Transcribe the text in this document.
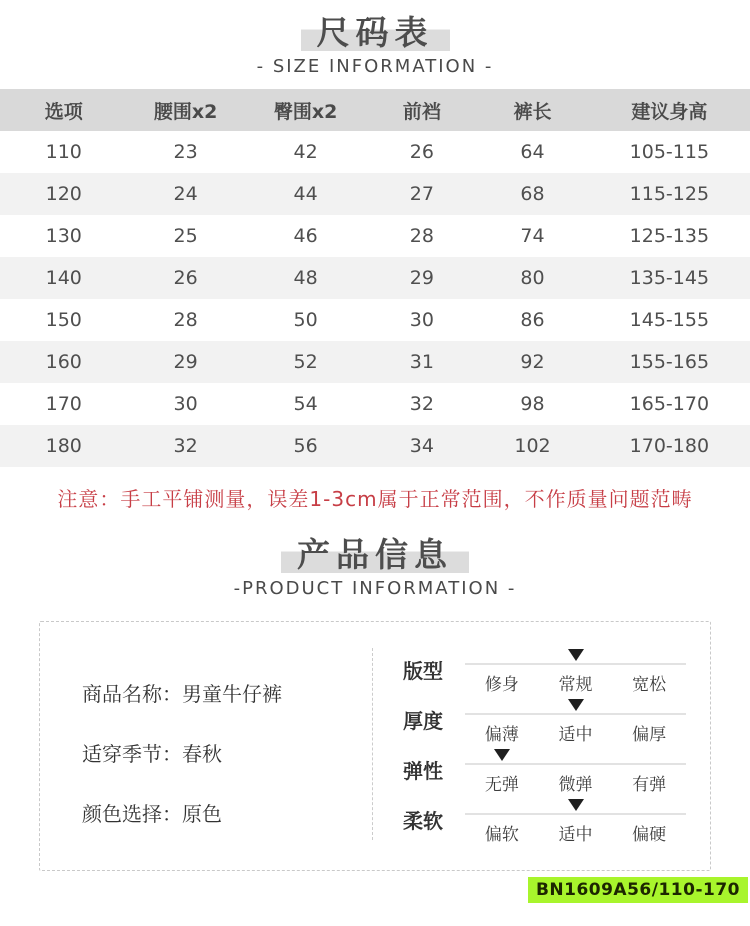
尺码表
- SIZE INFORMATION -
选项	腰围x2	臀围x2	前裆	裤长	建议身高
110	23	42	26	64	105-115
120	24	44	27	68	115-125
130	25	46	28	74	125-135
140	26	48	29	80	135-145
150	28	50	30	86	145-155
160	29	52	31	92	155-165
170	30	54	32	98	165-170
180	32	56	34	102	170-180

注意：手工平铺测量，误差1-3cm属于正常范围，不作质量问题范畴

产品信息
-PRODUCT INFORMATION -
商品名称：男童牛仔裤
适穿季节：春秋
颜色选择：原色
版型
修身	常规	宽松
厚度
偏薄	适中	偏厚
弹性
无弹	微弹	有弹
柔软
偏软	适中	偏硬
BN1609A56/110-170
